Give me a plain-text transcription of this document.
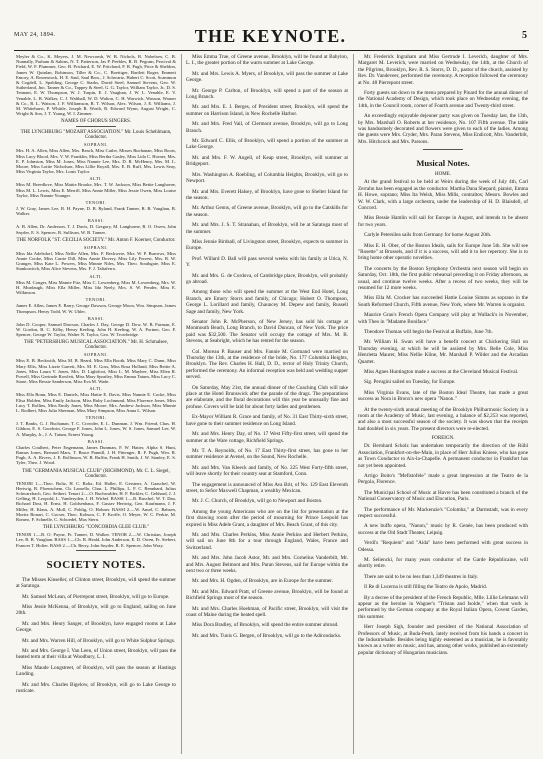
MAY 24, 1894.	THE KEYNOTE.	5

Meyler & Co., K. Meyers, J. M. Newcomb, W. B. Nichols, R. Nobelsen, C. B. Nunnally, Parham & Sabins, N. T. Patterson, Jas P. Peebles, R. B. Pegram, Percival & Field, W. F. Plummer, Geo. B. Prichard, E. W. Pritchard, F. R. Pugh, Price & Sheldon, James W. Quinlan, Robinson, Tiller & Co., C. Boettiger, Bartlett Roger, Emmett Emory, A. Rosenstock, H. E. Saul, Saul Bros., J. Schwartz, Hubert C. Scott, Scammon & Cogdell, L. Spalding, George C. Starks, David Steel, Samuel Stevens, Geo. W. Sutherland, Jno. Tanner & Co., Tappey & Steel, G. G. Taylor, William Taylor, Jr., D. S. Tennant, E. W. Thompson, W. J. Turpin, E. J. Vaughan, J. W. L. Venable, E. V. Venable, L. B. Walker, C. J. Walthall, W. D. Walton, C. H. Warwick, Wasson, Warner & Co., R. L. Watson, J. F. Williamson, R. T. Wilson, Alex. Wilson, J. E. Williams, J. M. Whitehurst, P. Whittle, Joseph R. Worth, R. Edward Wynn, August Wright, C. Wright & Son, J. T. Young, W. I. Zimmer.

NAMES OF CHORUS SINGERS.
THE LYNCHBURG "MOZART ASSOCIATION." Mr. Louis Schehlmann, Conductor.
SOPRANI.

Mrs. H. A. Allen, Miss Allen, Mrs. Beach, Miss Cutler, Misses Buchanan, Miss Boots, Miss Lucy Blood, Mrs. V. W. Franklin, Miss Bertha Gasley, Miss Lida C. Horner, Mrs. E. P. Johnston, Miss M. Jones, Miss Nannie Lee, Mrs. D. R. McHenry, Mrs. M. L. Moore, Miss Lottie Nicholson, Miss Lillie Royall, Mrs. E. B. Ruff, Mrs. Lewis Seay, Miss Virginia Taylor, Mrs. Louis Taylor.

ALTI.

Miss M. Breedlove, Miss Mattie Brooke, Mrs. T. W. Jackson, Miss Bettie Langhorne, Miss M. L. Lewis, Miss E. Merrill, Miss Annie Miller, Miss Jessie Owen, Miss Louise Taylor, Miss Nannie Younger.

TENORI.

J. W. Gray, James Lee, R. H. Payne, D. B. Ryland, Frank Tanner, R. B. Vaughan, B. Walker.

BASSI.

A. B. Allen, Dr. Anderson, T. J. Davis, D. Gregory, M. Langhorne, R. O. Owen, John Snyder, E. S. Spencer, R. Sullivan, W. B. Tanner.

THE NORFOLK "ST. CECILIA SOCIETY." Mr. Anton F. Koerner, Conductor.
SOPRANI.

Miss Ida Adelsdorf, Miss Nellie Allen, Mrs. F. Beckwere, Mrs. W. P. Burrows, Miss Annie Cooke, Miss Carrie Dill, Miss Annie Dovery, Miss Lily Forrest, Mrs. R. W. Granger, Miss Kate L. Powers, Miss Minnie Niles, Mrs. Theo. Southgate, Miss E. Stankowitch, Miss Alice Stevens, Mrs. F. J. Taliaferro.

ALTI.

Miss M. Conger, Miss Mamie Fitz, Miss C. Lowenberg, Miss M. Lowenberg, Mrs. W. H. Murdaugh, Miss Ella Miller, Miss Ida Neely, Mrs. S. W. Pender, Miss E. Wilkinson.

TENORI.

James E. Allen, James E. Barry, George Dawson, George Moon, Wm. Simpson, James Thompson, Henry Todd, W. W. Uhler.

BASSI.

John D. Cooper, Samuel Dawson, Charles J. Day, George D. Dow, W. B. Furman, E. W. Gordon, B. C. Kilby, Henry Keeling, John H. Keeling, W. A. Portner, Geo. F. Spencer, George W. Taylor, Walter N. Taylor, Geo. W. Trowbridge.

THE "PETERSBURG MUSICAL ASSOCIATION." Mr. H. Schmalsee, Conductor.
SOPRANI.

Miss E. B. Beckwith, Miss M. B. Beard, Miss Ella Booth, Miss Mary C. Dunn, Miss Mary Ellis, Miss Lizzie Garrett, Mrs. M. E. Goss, Miss Rosa Holland, Miss Bettie A. Jones, Miss Laura V. Jones, Mrs. D. Lightfoot, Miss L. M. Maybee, Miss Ellen R. Powell, Miss Gertrude Rowlett, Miss Mary Spratley, Miss Emma Tatum, Miss Lucy C. Stone, Miss Bessie Sanderson, Miss Eva M. Wade.

ALTI.

Miss Ella Bonn, Miss E. Daniels, Miss Hattie E. Davis, Miss Nannie E. Cocke, Miss Elisa Holden, Miss Emily Jackson, Miss Ruby Lochmund, Miss Florence Jones, Miss Lucy T. Rollins, Miss Emily Jones, Miss Moore, Mrs. Andrew Jackson, Miss Minnie L. Rodbert, Miss Julia Sherman, Miss Mary Simpson, Miss Anna L. Wilson.

TENORI.

J. T. Banks, G. J. Buchanan, T. C. Crowder, E. L. Dunman, J. Wm. Friend, Chas. H. Gibbon, E. S. Goodwin, George F. Jones, John L. Jones, W. S. Jones, Samuel Lee, W. A. Murphy, Jr., J. A. Tatum, Ernest Young.

BASSI.

Charles Coulbert, Peter Engemann, James Dunman, F. W. Hatter, Alpha S. Hunt, Ramus Jones, Bernard Marx, T. Bruce Pannill, J. H. Pittenger, R. F. Pugh, Wm. R. Pugh, A. A. Rivers, J. E. Rollinson, W. B. Ruffin, Frank H. Smith, J. W. Stanley, E. S. Tyler, Theo. J. Wood.

THE "GERMANIA MUSICAL CLUB" (RICHMOND). Mr. C. L. Siegel, Conductor.

TENORI 1.—Theo. Boltz, H. C. Boltz, Ed. Haller, E. Gerstner, A. Gaaschel, W. Hertwig, R. Floenschem, Ch. Laruello, Chas. L. Phillips, L. F. C. Rennhard, Julius Schwarzbach, Geo. Seibert. Tenori 2.—O. Buchwalder, H. F. Bickler, C. Gebhard, J. J. Gelling, H. Leopold, L. Vanderyden, J. H. Wirbel. BASSI 1.—R. Buschel, W. T. Dan, Richard Dost, H. Ernst, H. Goldsenhaus, F. Gustav Hertwig, Geo. Kaufmann, J. F. Miller, H. Klaus, A. Moll, C. Pohlig, O. Hohner. BASSI 2.—W. Ansel, C. Bahsen, Moritz Bonart, C. Gocser, Theo. Kobson, C. F. Kroffe, O. Meyer, W. C. Perkie, M. Romeo, F. Schnelle, C. Schoedel, Max Stern.

THE LYNCHBURG "CONCORDIA GLEE CLUB."

TENOR 1.—R. O. Payne, Fr. Tanner, D. Walker. TENOR 2.—W. Christian, Joseph Lee, R. B. Vaughan. BASS 1.—Ch. R. Heald, John Anderson, E. D. Owen, Fr. Siebert, Frances T. Holter. BASS 2.—Ch. Berry, John Snyder, R. E. Spencer, John Wray.

SOCIETY NOTES.

The Misses Kinseller, of Clinton street, Brooklyn, will spend the summer at Saratoga.

Mr. Samuel McLean, of Pierrepont street, Brooklyn, will go to Europe.

Miss Jessie McKenna, of Brooklyn, will go to England, sailing on June 20th.

Mr. and Mrs. Henry Sanger, of Brooklyn, have engaged rooms at Lake George.

Mr. and Mrs. Warren Hill, of Brooklyn, will go to White Sulphur Springs.

Mr. and Mrs. George I. Van Leen, of Union street, Brooklyn, will pass the heated term at their villa at Woodbury, L. I.

Miss Maude Longstreet, of Brooklyn, will pass the season at Hastings Landing.

Mr. and Mrs. Charles Bigelow, of Brooklyn, will go to Lake George to rusticate.

Miss Emma True, of Greene avenue, Brooklyn, will be found at Babylon, L. I., the greater portion of the warm summer at Lake George.

Mr. and Mrs. Lewis A. Myers, of Brooklyn, will pass the summer at Lake George.

Mr. George P. Carlton, of Brooklyn, will spend a part of the season at Long Branch.

Mr. and Mrs. E. J. Berges, of President street, Brooklyn, will spend the summer on Harrison Island, in New Rochelle Harbor.

Mr. and Mrs. Fred Vail, of Clermont avenue, Brooklyn, will go to Long Branch.

Mr. Edward C. Ellis, of Brooklyn, will spend a portion of the summer at Lake George.

Mr. and Mrs. F. W. Angell, of Keap street, Brooklyn, will summer at Bridgeport.

Mrs. Washington A. Roebling, of Columbia Heights, Brooklyn, will go to Newport.

Mr. and Mrs. Everett Halsey, of Brooklyn, have gone to Shelter Island for the season.

Mr. Arthur Genns, of Greene avenue, Brooklyn, will go to the Catskills for the season.

Mr. and Mrs. J. S. T. Stranahan, of Brooklyn, will be at Saratoga most of the summer.

Miss Jennie Birdsall, of Livingston street, Brooklyn, expects to summer in Europe.

Prof. Willard D. Ball will pass several weeks with his family at Utica, N. Y.

Mr. and Mrs. G. de Cordova, of Cambridge place, Brooklyn, will probably go abroad.

Among those who will spend the summer at the West End Hotel, Long Branch, are Emory Storrs and family, of Chicago; Hubert O. Thompson, George L. Lorillard and family, Chauncey M. Depew and family, Russell Sage and family, New York.

Senator John R. McPherson, of New Jersey, has sold his cottage at Monmouth Beach, Long Branch, to David Duncan, of New York. The price paid was $32,500. The Senator will occupy the cottage of Mrs. M. B. Stevens, at Seabright, which he has rented for the season.

Col. Moreau P. Bauser and Mrs. Fannie M. Gormand were married on Thursday the 13th, at the residence of the bride, No. 177 Columbia Heights, Brooklyn. The Rev. Charles H. Hall, D. D., rector of Holy Trinity Church, performed the ceremony. An informal reception was held and wedding supper served.

On Saturday, May 21st, the annual dinner of the Coaching Club will take place at the Hotel Brunswick after the parade of the drags. The preparations are elaborate, and the floral decorations will this year be unusually fine and profuse. Covers will be laid for about forty ladies and gentlemen.

Ex-Mayor William R. Grace and family, of No. 31 East Thirty-sixth street, have gone to their summer residence on Long Island.

Mr. and Mrs. Henry Day, of No. 17 West Fifty-first street, will spend the summer at the Ware cottage, Richfield Springs.

Mr. T. A. Reynolds, of No. 17 East Thirty-first street, has gone to her summer residence at Avenel, on the Sound, New Rochelle.

Mr. and Mrs. Van Kleeck and family, of No. 225 West Forty-fifth street, will leave shortly for their country seat at Stamford, Conn.

The engagement is announced of Miss Ava Brit, of No. 129 East Eleventh street, to Señor Maxwell Chapman, a wealthy Mexican.

Mr. J. C. Church, of Brooklyn, will go to Newport and Boston.

Among the young Americans who are on the list for presentation at the first drawing room after the period of mourning for Prince Leopold has expired is Miss Adele Grant, a daughter of Mrs. Beach Grant, of this city.

Mr. and Mrs. Charles Perkins, Miss Annie Perkins and Herbert Perkins, will sail on June 8th for a tour through England, Wales, France and Switzerland.

Mr. and Mrs. John Jacob Astor, Mr. and Mrs. Cornelius Vanderbilt, Mr. and Mrs. August Belmont and Mrs. Paran Stevens, sail for Europe within the next two or three weeks.

Mr. and Mrs. H. Ogden, of Brooklyn, are in Europe for the summer.

Mr. and Mrs. Edward Pratt, of Greene avenue, Brooklyn, will be found at Richfield Springs most of the season.

Mr. and Mrs. Charles Hoehman, of Pacific street, Brooklyn, will visit the coast of Maine during the heated spell.

Miss Dora Bradley, of Brooklyn, will spend the entire summer abroad.

Mr. and Mrs. Tunis G. Bergen, of Brooklyn, will go to the Adirondacks.

Mr. Frederick Ingraham and Miss Gertrude I. Leverich, daughter of Mrs. Margaret M. Leverich, were married on Wednesday, the 14th, at the Church of the Pilgrims, Brooklyn, Rev. R. S. Storrs, D. D., pastor of the church, assisted by Rev. Dr. Vandeveer, performed the ceremony. A reception followed the ceremony at No. 48 Pierrepont street.

Forty guests sat down to the menu prepared by Pinard for the annual dinner of the National Academy of Design, which took place on Wednesday evening, the 14th, in the Council room, corner of Fourth avenue and Twenty-third street.

An exceedingly enjoyable dejeuner party was given on Tuesday last, the 13th, by Mrs. Marshall O. Roberts at her residence, No. 107 Fifth avenue. The table was handsomely decorated and flowers were given to each of the ladies. Among the guests were Mrs. Cryder, Mrs. Paran Stevens, Miss Endicott, Mrs. Vanderbilt, Mrs. Hitchcock and Mrs. Parsons.

Musical Notes.
HOME.

At the grand festival to be held at Weirs during the week of July 4th, Carl Zerrahn has been engaged as the conductor. Martha Dana Shepard, pianist, Emma H. Howe, soprano; Miss Ita Welsh, Miss Mills, contraltos; Messrs. Bowles and W. W. Clark, with a large orchestra, under the leadership of H. D. Blaisdell, of Concord.

Miss Bessie Hamlin will sail for Europe in August, and intends to be absent for two years.

Carlyle Petersilea sails from Germany for home August 20th.

Miss E. H. Ober, of the Boston Ideals, sails for Europe June 5th. She will see "Rosette" at Brussels, and if it is a success, will add it to her repertory. She is to bring home other operatic novelties.

The concerts by the Boston Symphony Orchestra next season will begin on Saturday, Oct. 18th, the first public rehearsal preceding it on Friday afternoon, as usual, and continue twelve weeks. After a recess of two weeks, they will be resumed for 12 more weeks.

Miss Ella M. Crocker has succeeded Hattie Louise Simms as soprano in the South Reformed Church, Fifth avenue, New York, where Mr. Warren is organist.

Maurice Grau's French Opera Company will play at Wallack's in November, with Theo in "Madame Boniface."

Theodore Thomas will begin the Festival at Buffalo, June 7th.

Mr. William H. Swan will have a benefit concert at Chickering Hall on Thursday evening, at which he will be assisted by Mrs. Belle Cole, Miss Henrietta Maurer, Miss Nellie Kline, Mr. Marshall P. Wilder and the Arcadian Quartet.

Miss Agnes Huntington made a success at the Cleveland Musical Festival.

Sig. Perugini sailed on Tuesday, for Europe.

Miss Virginia Evans, late of the Boston Ideal Theatre, has made a great success as Nora in Bronx's new opera "Nanon."

At the twenty-sixth annual meeting of the Brooklyn Philharmonic Society in a room at the Academy of Music, last evening, a balance of $2,253 was reported, and also a most successful season of the society. It was shown that the receipts had doubled in six years. The present directors were re-elected.

FOREIGN.

Dr. Bernhard Scholz has undertaken temporarily the direction of the Rühl Association, Frankfort-on-the-Main, in place of Herr Julius Kniese, who has gone as Town Conductor to Aix-la-Chapelle. A permanent conductor in Frankfort has not yet been appointed.

Arrigo Boito's "Mefistofele" made a great impression at the Teatro de la Pergola, Florence.

The Municipal School of Music at Havre has been constituted a branch of the National Conservatory of Music and Elocution, Paris.

The performance of Mr. Mackenzie's "Colomba," at Darmstadt, was in every respect successful.

A new buffo opera, "Nanon," music by R. Genée, has been produced with success at the Old Stadt Theater, Leipsig.

Verdi's "Requiem" and "Aida" have been performed with great success in Odessa.

M. Seliencki, for many years conductor of the Garde Républicaine, will shortly retire.

There are said to be no less than 1,349 theatres in Italy.

Il Re di Lucerna is still filling the Teatro de Apolo, Madrid.

By a decree of the president of the French Republic, Mlle. Lillie Lehmann will appear as the heroine in Wagner's "Tristan and Isolde," when that work is performed by the German company at the Royal Italian Opera, Covent Garden, this summer.

Herr Joseph Sigh, founder and president of the National Association of Professors of Music, at Buda-Pesth, lately received from his hands a concert in the Industriehalle. Besides being highly esteemed as a musician, he is favorably known as a writer on music, and has, among other works, published an extremely popular dictionary of Hungarian musicians.
